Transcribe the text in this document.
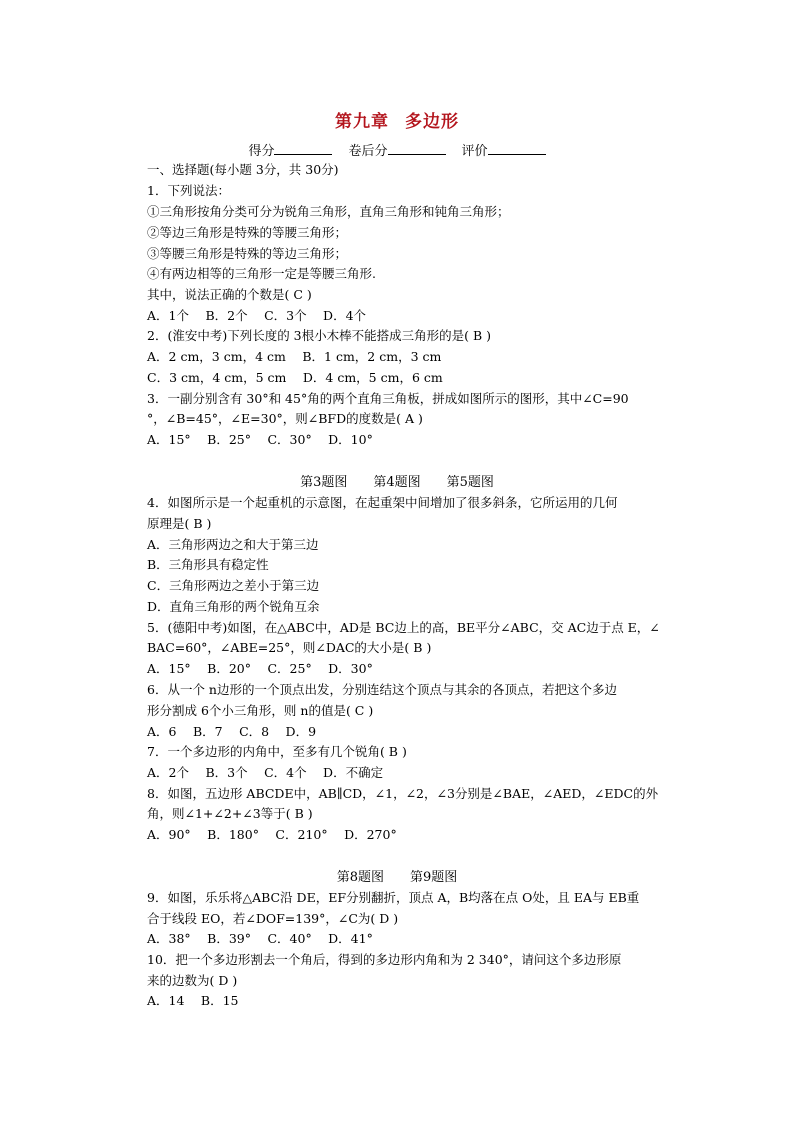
第九章 多边形
得分	卷后分	评价
一、选择题(每小题 3分，共 30分)
1．下列说法：
①三角形按角分类可分为锐角三角形，直角三角形和钝角三角形；
②等边三角形是特殊的等腰三角形；
③等腰三角形是特殊的等边三角形；
④有两边相等的三角形一定是等腰三角形.
其中，说法正确的个数是( C )
A．1个　 B．2个　 C．3个　 D．4个
2．(淮安中考)下列长度的 3根小木棒不能搭成三角形的是( B )
A．2 cm，3 cm，4 cm　 B．1 cm，2 cm，3 cm
C．3 cm，4 cm，5 cm　 D．4 cm，5 cm，6 cm
3．一副分别含有 30°和 45°角的两个直角三角板，拼成如图所示的图形，其中∠C=90
°，∠B=45°，∠E=30°，则∠BFD的度数是( A )
A．15°　 B．25°　 C．30°　 D．10°
第3题图 第4题图 第5题图
4．如图所示是一个起重机的示意图，在起重架中间增加了很多斜条，它所运用的几何
原理是( B )
A．三角形两边之和大于第三边
B．三角形具有稳定性
C．三角形两边之差小于第三边
D．直角三角形的两个锐角互余
5．(德阳中考)如图，在△ABC中，AD是 BC边上的高，BE平分∠ABC，交 AC边于点 E，∠
BAC=60°，∠ABE=25°，则∠DAC的大小是( B )
A．15°　 B．20°　 C．25°　 D．30°
6．从一个 n边形的一个顶点出发，分别连结这个顶点与其余的各顶点，若把这个多边
形分割成 6个小三角形，则 n的值是( C )
A．6　 B．7　 C．8　 D．9
7．一个多边形的内角中，至多有几个锐角( B )
A．2个　 B．3个　 C．4个　 D．不确定
8．如图，五边形 ABCDE中，AB∥CD，∠1，∠2，∠3分别是∠BAE，∠AED，∠EDC的外
角，则∠1+∠2+∠3等于( B )
A．90°　 B．180°　 C．210°　 D．270°
第8题图 第9题图
9．如图，乐乐将△ABC沿 DE，EF分别翻折，顶点 A，B均落在点 O处，且 EA与 EB重
合于线段 EO，若∠DOF=139°，∠C为( D )
A．38°　 B．39°　 C．40°　 D．41°
10．把一个多边形割去一个角后，得到的多边形内角和为 2 340°，请问这个多边形原
来的边数为( D )
A．14　 B．15
